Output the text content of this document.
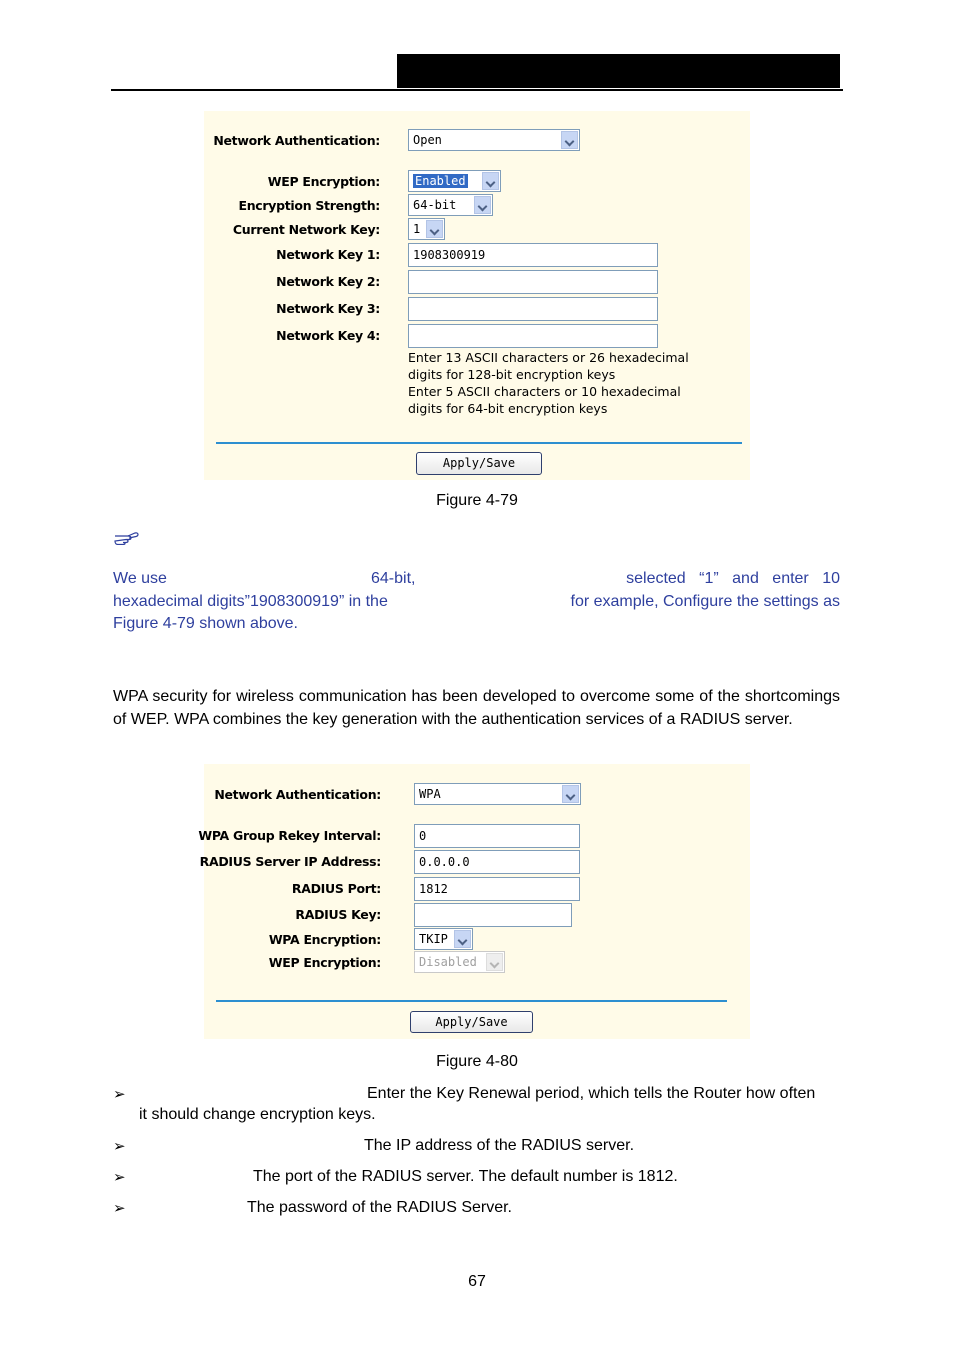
Network Authentication:	Open
WEP Encryption:	Enabled
Encryption Strength:	64-bit
Current Network Key:	1
Network Key 1:	1908300919
Network Key 2:
Network Key 3:
Network Key 4:
Enter 13 ASCII characters or 26 hexadecimal
digits for 128-bit encryption keys
Enter 5 ASCII characters or 10 hexadecimal
digits for 64-bit encryption keys
Apply/Save
Figure 4-79
We use	64-bit,	selected “1” and enter 10
hexadecimal digits”1908300919” in the	for example, Configure the settings as
Figure 4-79 shown above.
WPA security for wireless communication has been developed to overcome some of the shortcomings of WEP. WPA combines the key generation with the authentication services of a RADIUS server.
Network Authentication:	WPA
WPA Group Rekey Interval:	0
RADIUS Server IP Address:	0.0.0.0
RADIUS Port:	1812
RADIUS Key:
WPA Encryption:	TKIP
WEP Encryption:	Disabled
Apply/Save
Figure 4-80
➢	Enter the Key Renewal period, which tells the Router how often
it should change encryption keys.
➢	The IP address of the RADIUS server.
➢	The port of the RADIUS server. The default number is 1812.
➢	The password of the RADIUS Server.
67
